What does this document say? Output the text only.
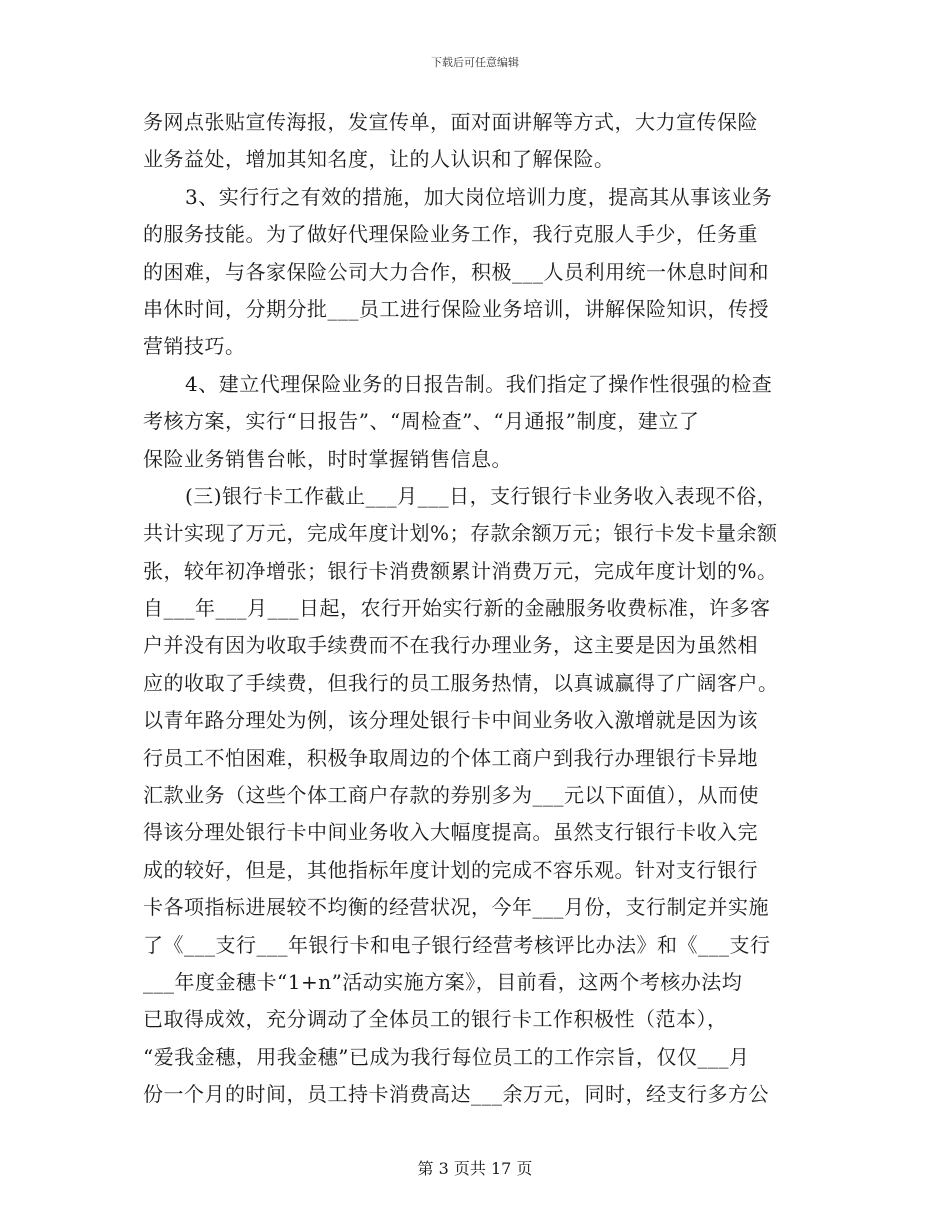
下载后可任意编辑
务网点张贴宣传海报，发宣传单，面对面讲解等方式，大力宣传保险
业务益处，增加其知名度，让的人认识和了解保险。
3、实行行之有效的措施，加大岗位培训力度，提高其从事该业务
的服务技能。为了做好代理保险业务工作，我行克服人手少，任务重
的困难，与各家保险公司大力合作，积极___人员利用统一休息时间和
串休时间，分期分批___员工进行保险业务培训，讲解保险知识，传授
营销技巧。
4、建立代理保险业务的日报告制。我们指定了操作性很强的检查
考核方案，实行“日报告”、“周检查”、“月通报”制度，建立了
保险业务销售台帐，时时掌握销售信息。
(三)银行卡工作截止___月___日，支行银行卡业务收入表现不俗，
共计实现了万元，完成年度计划%；存款余额万元；银行卡发卡量余额
张，较年初净增张；银行卡消费额累计消费万元，完成年度计划的%。
自___年___月___日起，农行开始实行新的金融服务收费标准，许多客
户并没有因为收取手续费而不在我行办理业务，这主要是因为虽然相
应的收取了手续费，但我行的员工服务热情，以真诚赢得了广阔客户。
以青年路分理处为例，该分理处银行卡中间业务收入激增就是因为该
行员工不怕困难，积极争取周边的个体工商户到我行办理银行卡异地
汇款业务（这些个体工商户存款的券别多为___元以下面值），从而使
得该分理处银行卡中间业务收入大幅度提高。虽然支行银行卡收入完
成的较好，但是，其他指标年度计划的完成不容乐观。针对支行银行
卡各项指标进展较不均衡的经营状况，今年___月份，支行制定并实施
了《___支行___年银行卡和电子银行经营考核评比办法》和《___支行
___年度金穗卡“1+n”活动实施方案》，目前看，这两个考核办法均
已取得成效，充分调动了全体员工的银行卡工作积极性（范本），
“爱我金穗，用我金穗”已成为我行每位员工的工作宗旨，仅仅___月
份一个月的时间，员工持卡消费高达___余万元，同时，经支行多方公
第 3 页共 17 页
